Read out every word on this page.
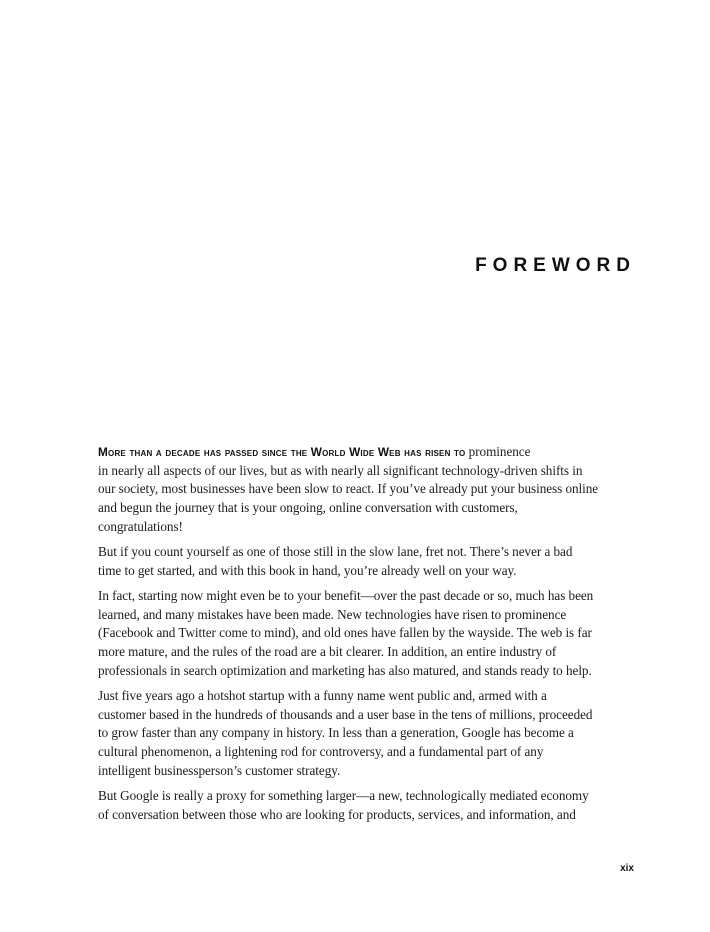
FOREWORD
More than a decade has passed since the World Wide Web has risen to prominence
in nearly all aspects of our lives, but as with nearly all significant technology-driven shifts in
our society, most businesses have been slow to react. If you’ve already put your business online
and begun the journey that is your ongoing, online conversation with customers,
congratulations!
But if you count yourself as one of those still in the slow lane, fret not. There’s never a bad
time to get started, and with this book in hand, you’re already well on your way.
In fact, starting now might even be to your benefit—over the past decade or so, much has been
learned, and many mistakes have been made. New technologies have risen to prominence
(Facebook and Twitter come to mind), and old ones have fallen by the wayside. The web is far
more mature, and the rules of the road are a bit clearer. In addition, an entire industry of
professionals in search optimization and marketing has also matured, and stands ready to help.
Just five years ago a hotshot startup with a funny name went public and, armed with a
customer based in the hundreds of thousands and a user base in the tens of millions, proceeded
to grow faster than any company in history. In less than a generation, Google has become a
cultural phenomenon, a lightening rod for controversy, and a fundamental part of any
intelligent businessperson’s customer strategy.
But Google is really a proxy for something larger—a new, technologically mediated economy
of conversation between those who are looking for products, services, and information, and
xix
